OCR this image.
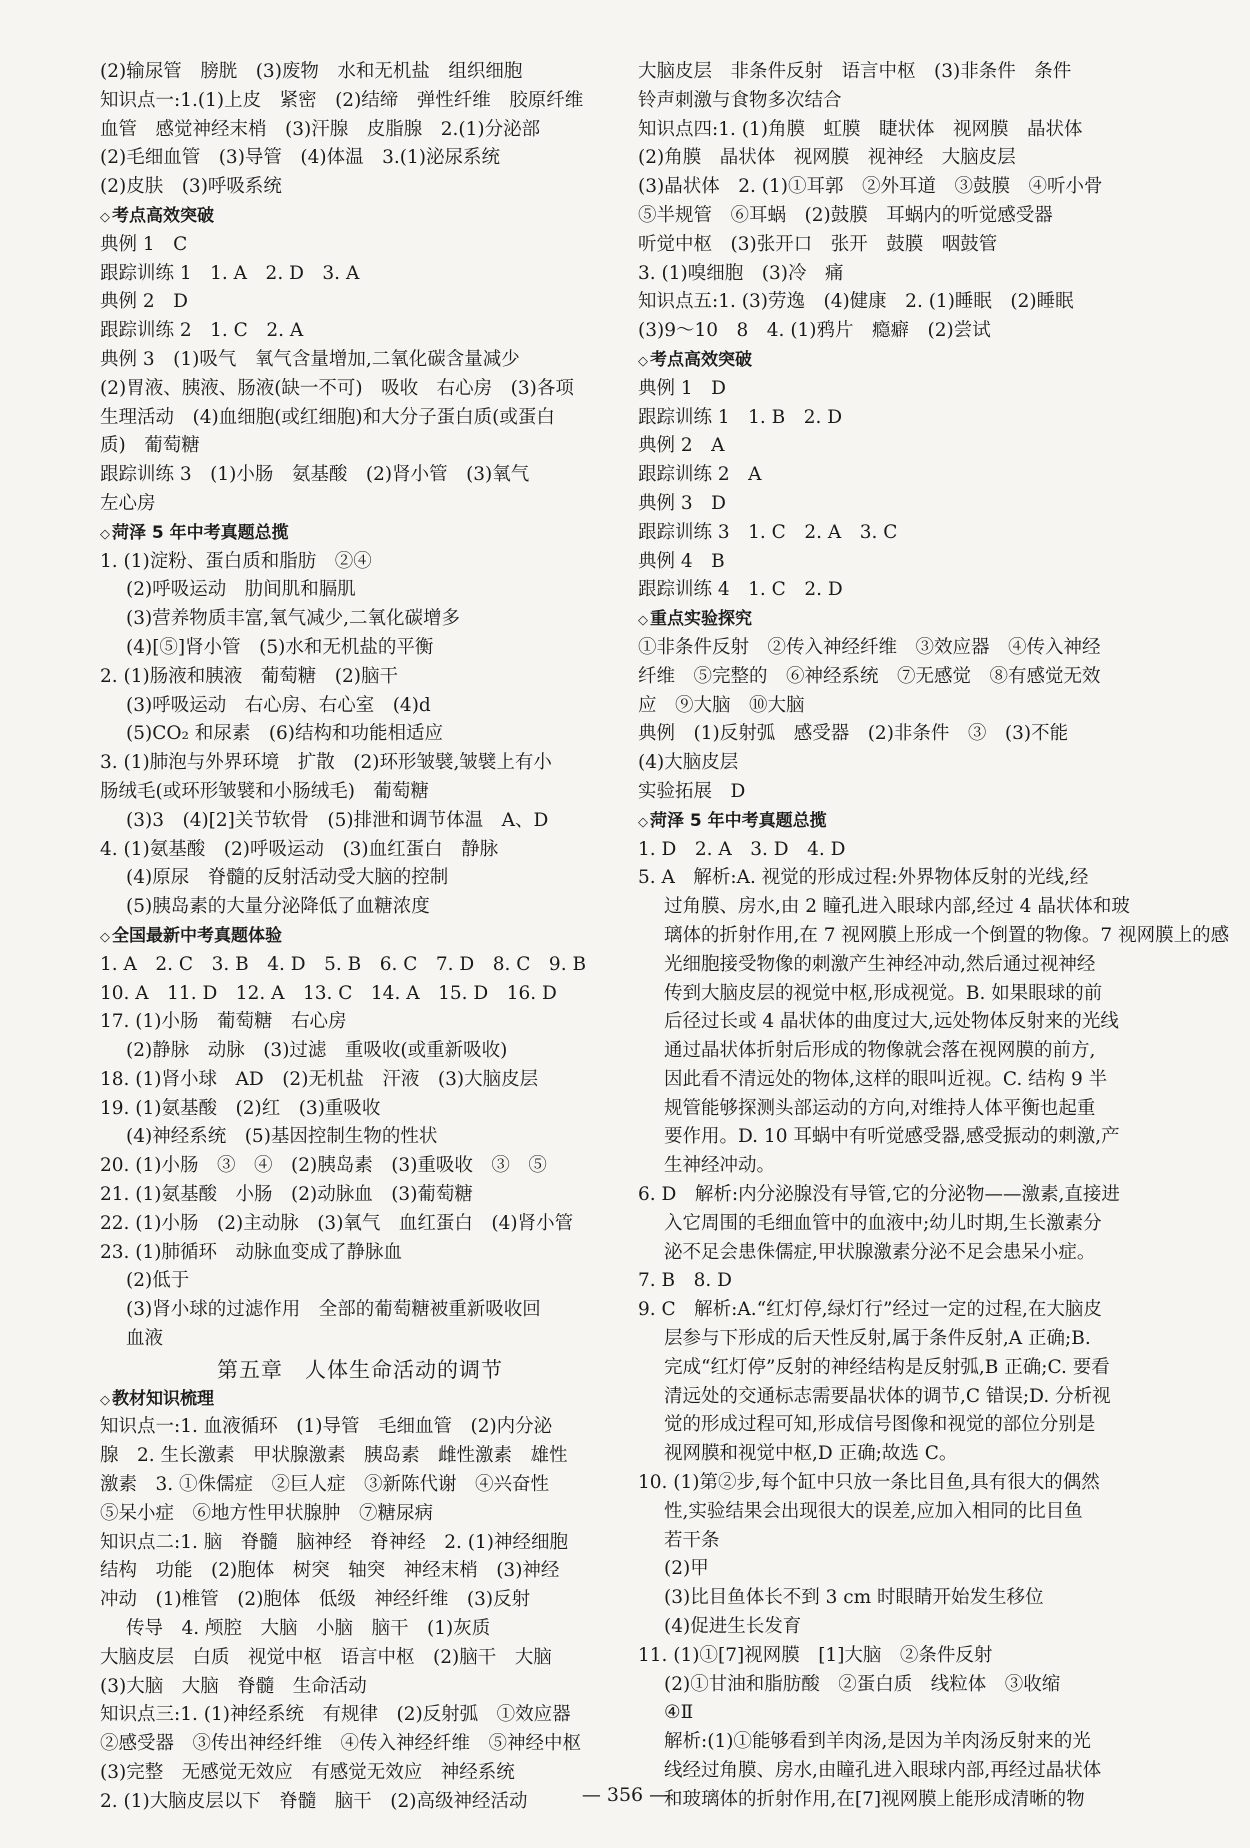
(2)输尿管　膀胱　(3)废物　水和无机盐　组织细胞
知识点一:1.(1)上皮　紧密　(2)结缔　弹性纤维　胶原纤维
血管　感觉神经末梢　(3)汗腺　皮脂腺　2.(1)分泌部
(2)毛细血管　(3)导管　(4)体温　3.(1)泌尿系统
(2)皮肤　(3)呼吸系统
◇ 考点高效突破
典例 1　C
跟踪训练 1　1. A　2. D　3. A
典例 2　D
跟踪训练 2　1. C　2. A
典例 3　(1)吸气　氧气含量增加,二氧化碳含量减少
(2)胃液、胰液、肠液(缺一不可)　吸收　右心房　(3)各项
生理活动　(4)血细胞(或红细胞)和大分子蛋白质(或蛋白
质)　葡萄糖
跟踪训练 3　(1)小肠　氨基酸　(2)肾小管　(3)氧气
左心房
◇ 菏泽 5 年中考真题总揽
1. (1)淀粉、蛋白质和脂肪　②④
(2)呼吸运动　肋间肌和膈肌
(3)营养物质丰富,氧气减少,二氧化碳增多
(4)[⑤]肾小管　(5)水和无机盐的平衡
2. (1)肠液和胰液　葡萄糖　(2)脑干
(3)呼吸运动　右心房、右心室　(4)d
(5)CO₂ 和尿素　(6)结构和功能相适应
3. (1)肺泡与外界环境　扩散　(2)环形皱襞,皱襞上有小
肠绒毛(或环形皱襞和小肠绒毛)　葡萄糖
(3)3　(4)[2]关节软骨　(5)排泄和调节体温　A、D
4. (1)氨基酸　(2)呼吸运动　(3)血红蛋白　静脉
(4)原尿　脊髓的反射活动受大脑的控制
(5)胰岛素的大量分泌降低了血糖浓度
◇ 全国最新中考真题体验
1. A　2. C　3. B　4. D　5. B　6. C　7. D　8. C　9. B
10. A　11. D　12. A　13. C　14. A　15. D　16. D
17. (1)小肠　葡萄糖　右心房
(2)静脉　动脉　(3)过滤　重吸收(或重新吸收)
18. (1)肾小球　AD　(2)无机盐　汗液　(3)大脑皮层
19. (1)氨基酸　(2)红　(3)重吸收
(4)神经系统　(5)基因控制生物的性状
20. (1)小肠　③　④　(2)胰岛素　(3)重吸收　③　⑤
21. (1)氨基酸　小肠　(2)动脉血　(3)葡萄糖
22. (1)小肠　(2)主动脉　(3)氧气　血红蛋白　(4)肾小管
23. (1)肺循环　动脉血变成了静脉血
(2)低于
(3)肾小球的过滤作用　全部的葡萄糖被重新吸收回
血液
第五章　人体生命活动的调节
◇ 教材知识梳理
知识点一:1. 血液循环　(1)导管　毛细血管　(2)内分泌
腺　2. 生长激素　甲状腺激素　胰岛素　雌性激素　雄性
激素　3. ①侏儒症　②巨人症　③新陈代谢　④兴奋性
⑤呆小症　⑥地方性甲状腺肿　⑦糖尿病
知识点二:1. 脑　脊髓　脑神经　脊神经　2. (1)神经细胞
结构　功能　(2)胞体　树突　轴突　神经末梢　(3)神经
冲动　(1)椎管　(2)胞体　低级　神经纤维　(3)反射
传导　4. 颅腔　大脑　小脑　脑干　(1)灰质
大脑皮层　白质　视觉中枢　语言中枢　(2)脑干　大脑
(3)大脑　大脑　脊髓　生命活动
知识点三:1. (1)神经系统　有规律　(2)反射弧　①效应器
②感受器　③传出神经纤维　④传入神经纤维　⑤神经中枢
(3)完整　无感觉无效应　有感觉无效应　神经系统
2. (1)大脑皮层以下　脊髓　脑干　(2)高级神经活动
大脑皮层　非条件反射　语言中枢　(3)非条件　条件
铃声刺激与食物多次结合
知识点四:1. (1)角膜　虹膜　睫状体　视网膜　晶状体
(2)角膜　晶状体　视网膜　视神经　大脑皮层
(3)晶状体　2. (1)①耳郭　②外耳道　③鼓膜　④听小骨
⑤半规管　⑥耳蜗　(2)鼓膜　耳蜗内的听觉感受器
听觉中枢　(3)张开口　张开　鼓膜　咽鼓管
3. (1)嗅细胞　(3)冷　痛
知识点五:1. (3)劳逸　(4)健康　2. (1)睡眠　(2)睡眠
(3)9～10　8　4. (1)鸦片　瘾癖　(2)尝试
◇ 考点高效突破
典例 1　D
跟踪训练 1　1. B　2. D
典例 2　A
跟踪训练 2　A
典例 3　D
跟踪训练 3　1. C　2. A　3. C
典例 4　B
跟踪训练 4　1. C　2. D
◇ 重点实验探究
①非条件反射　②传入神经纤维　③效应器　④传入神经
纤维　⑤完整的　⑥神经系统　⑦无感觉　⑧有感觉无效
应　⑨大脑　⑩大脑
典例　(1)反射弧　感受器　(2)非条件　③　(3)不能
(4)大脑皮层
实验拓展　D
◇ 菏泽 5 年中考真题总揽
1. D　2. A　3. D　4. D
5. A　解析:A. 视觉的形成过程:外界物体反射的光线,经
过角膜、房水,由 2 瞳孔进入眼球内部,经过 4 晶状体和玻
璃体的折射作用,在 7 视网膜上形成一个倒置的物像。7 视网膜上的感
光细胞接受物像的刺激产生神经冲动,然后通过视神经
传到大脑皮层的视觉中枢,形成视觉。B. 如果眼球的前
后径过长或 4 晶状体的曲度过大,远处物体反射来的光线
通过晶状体折射后形成的物像就会落在视网膜的前方,
因此看不清远处的物体,这样的眼叫近视。C. 结构 9 半
规管能够探测头部运动的方向,对维持人体平衡也起重
要作用。D. 10 耳蜗中有听觉感受器,感受振动的刺激,产
生神经冲动。
6. D　解析:内分泌腺没有导管,它的分泌物——激素,直接进
入它周围的毛细血管中的血液中;幼儿时期,生长激素分
泌不足会患侏儒症,甲状腺激素分泌不足会患呆小症。
7. B　8. D
9. C　解析:A.“红灯停,绿灯行”经过一定的过程,在大脑皮
层参与下形成的后天性反射,属于条件反射,A 正确;B.
完成“红灯停”反射的神经结构是反射弧,B 正确;C. 要看
清远处的交通标志需要晶状体的调节,C 错误;D. 分析视
觉的形成过程可知,形成信号图像和视觉的部位分别是
视网膜和视觉中枢,D 正确;故选 C。
10. (1)第②步,每个缸中只放一条比目鱼,具有很大的偶然
性,实验结果会出现很大的误差,应加入相同的比目鱼
若干条
(2)甲
(3)比目鱼体长不到 3 cm 时眼睛开始发生移位
(4)促进生长发育
11. (1)①[7]视网膜　[1]大脑　②条件反射
(2)①甘油和脂肪酸　②蛋白质　线粒体　③收缩
④Ⅱ
解析:(1)①能够看到羊肉汤,是因为羊肉汤反射来的光
线经过角膜、房水,由瞳孔进入眼球内部,再经过晶状体
和玻璃体的折射作用,在[7]视网膜上能形成清晰的物
— 356 —
